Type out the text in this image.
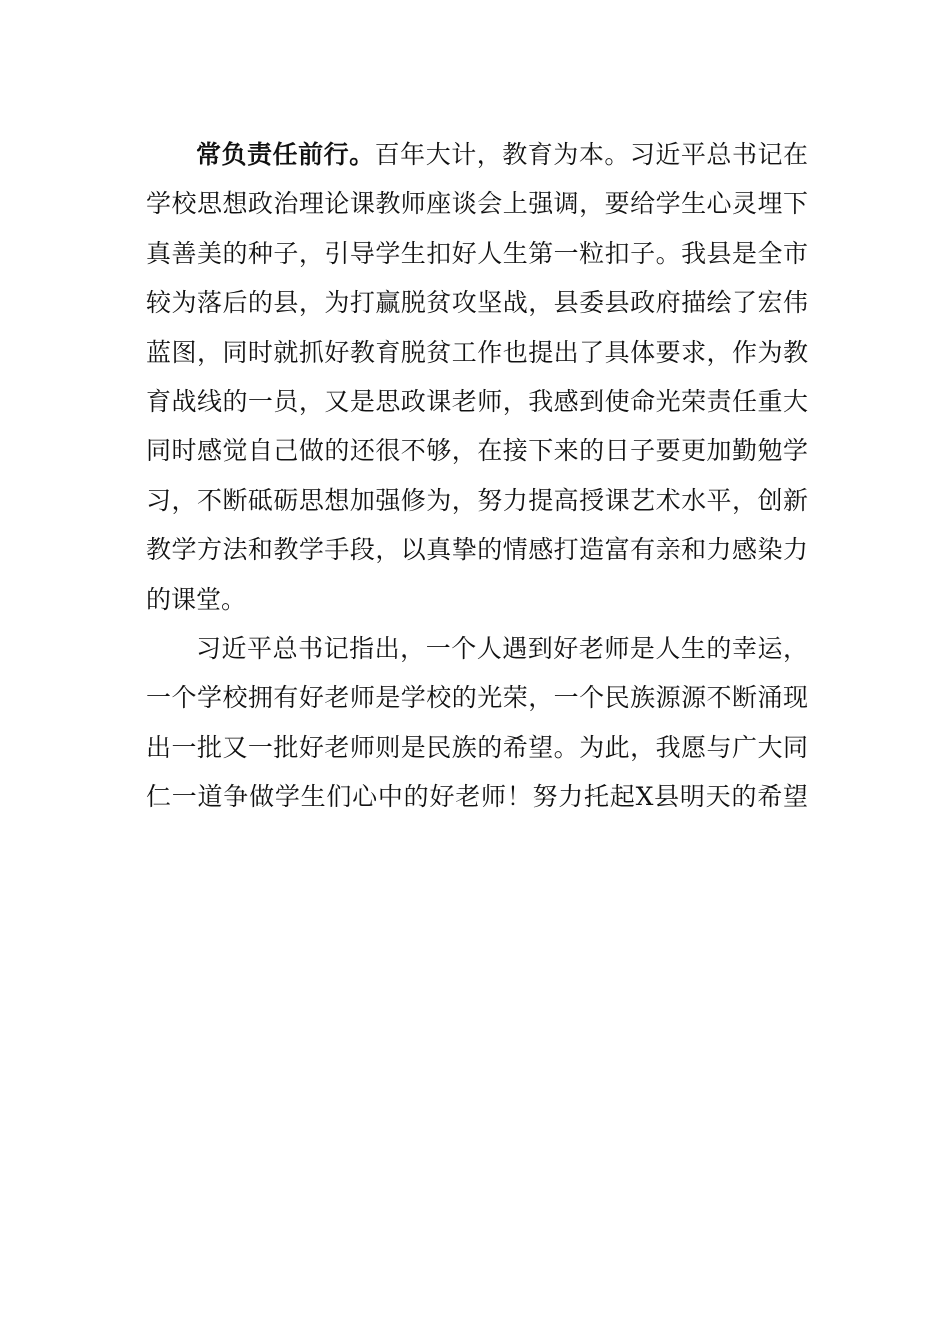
常负责任前行。百年大计，教育为本。习近平总书记在
学校思想政治理论课教师座谈会上强调，要给学生心灵埋下
真善美的种子，引导学生扣好人生第一粒扣子。我县是全市
较为落后的县，为打赢脱贫攻坚战，县委县政府描绘了宏伟
蓝图，同时就抓好教育脱贫工作也提出了具体要求，作为教
育战线的一员，又是思政课老师，我感到使命光荣责任重大
同时感觉自己做的还很不够，在接下来的日子要更加勤勉学
习，不断砥砺思想加强修为，努力提高授课艺术水平，创新
教学方法和教学手段，以真挚的情感打造富有亲和力感染力
的课堂。
习近平总书记指出，一个人遇到好老师是人生的幸运，
一个学校拥有好老师是学校的光荣，一个民族源源不断涌现
出一批又一批好老师则是民族的希望。为此，我愿与广大同
仁一道争做学生们心中的好老师！努力托起X县明天的希望
